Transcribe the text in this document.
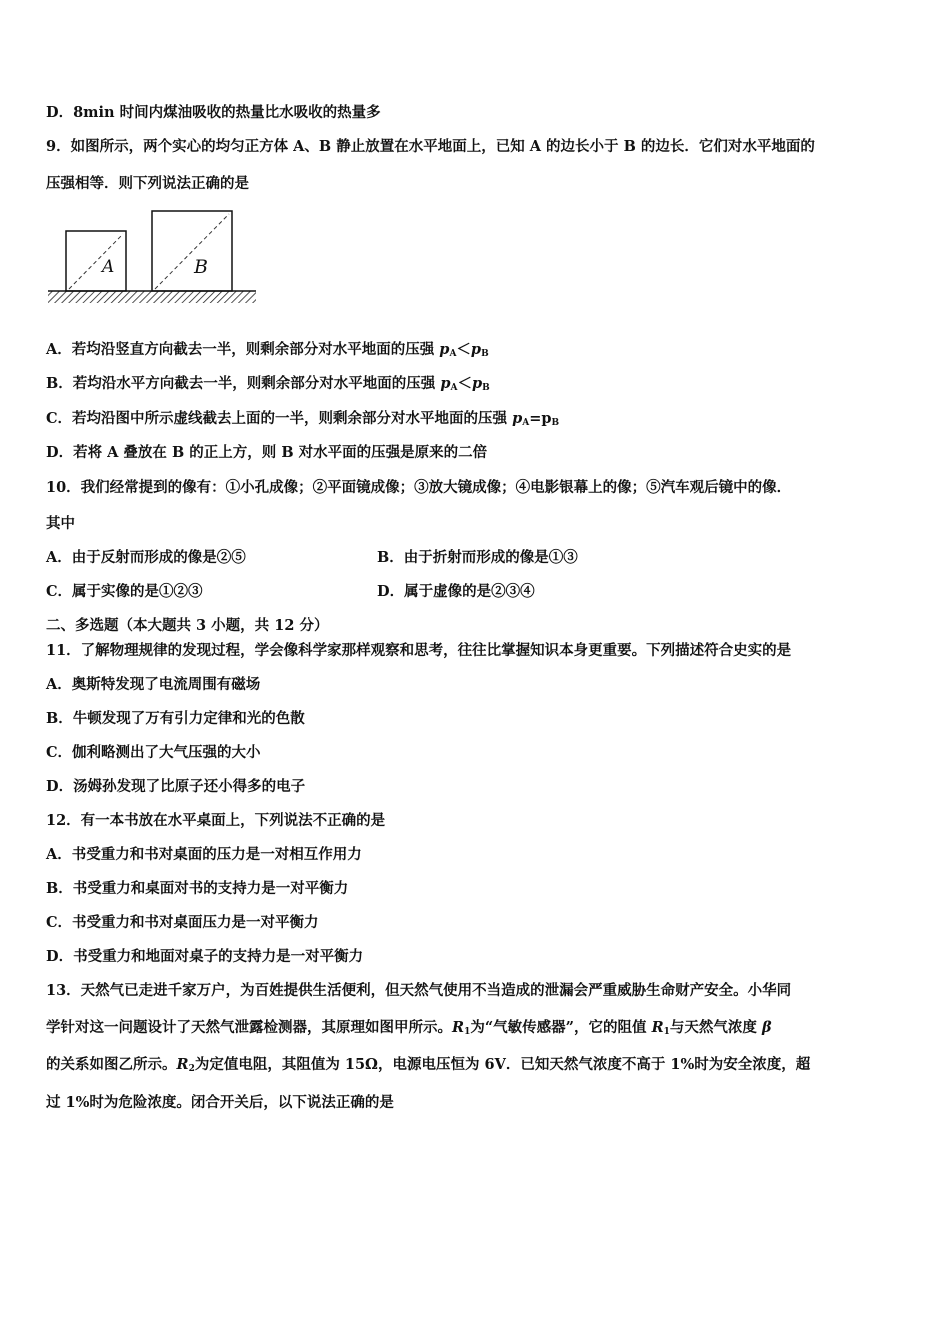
D．8min 时间内煤油吸收的热量比水吸收的热量多
9．如图所示，两个实心的均匀正方体 A、B 静止放置在水平地面上，已知 A 的边长小于 B 的边长．它们对水平地面的
压强相等．则下列说法正确的是
A	B
A．若均沿竖直方向截去一半，则剩余部分对水平地面的压强 $p_A<p_B$
B．若均沿水平方向截去一半，则剩余部分对水平地面的压强 $p_A<p_B$
C．若均沿图中所示虚线截去上面的一半，则剩余部分对水平地面的压强 $p_A=p_B$
D．若将 A 叠放在 B 的正上方，则 B 对水平面的压强是原来的二倍
10．我们经常提到的像有：①小孔成像；②平面镜成像；③放大镜成像；④电影银幕上的像；⑤汽车观后镜中的像．
其中
A．由于反射而形成的像是②⑤	B．由于折射而形成的像是①③
C．属于实像的是①②③	D．属于虚像的是②③④
二、多选题（本大题共 3 小题，共 12 分）
11．了解物理规律的发现过程，学会像科学家那样观察和思考，往往比掌握知识本身更重要。下列描述符合史实的是
A．奥斯特发现了电流周围有磁场
B．牛顿发现了万有引力定律和光的色散
C．伽利略测出了大气压强的大小
D．汤姆孙发现了比原子还小得多的电子
12．有一本书放在水平桌面上，下列说法不正确的是
A．书受重力和书对桌面的压力是一对相互作用力
B．书受重力和桌面对书的支持力是一对平衡力
C．书受重力和书对桌面压力是一对平衡力
D．书受重力和地面对桌子的支持力是一对平衡力
13．天然气已走进千家万户，为百姓提供生活便利，但天然气使用不当造成的泄漏会严重威胁生命财产安全。小华同
学针对这一问题设计了天然气泄露检测器，其原理如图甲所示。$R_1$为“气敏传感器”，它的阻值 $R_1$与天然气浓度 β
的关系如图乙所示。$R_2$为定值电阻，其阻值为 15Ω，电源电压恒为 6V．已知天然气浓度不高于 1%时为安全浓度，超
过 1%时为危险浓度。闭合开关后，以下说法正确的是
